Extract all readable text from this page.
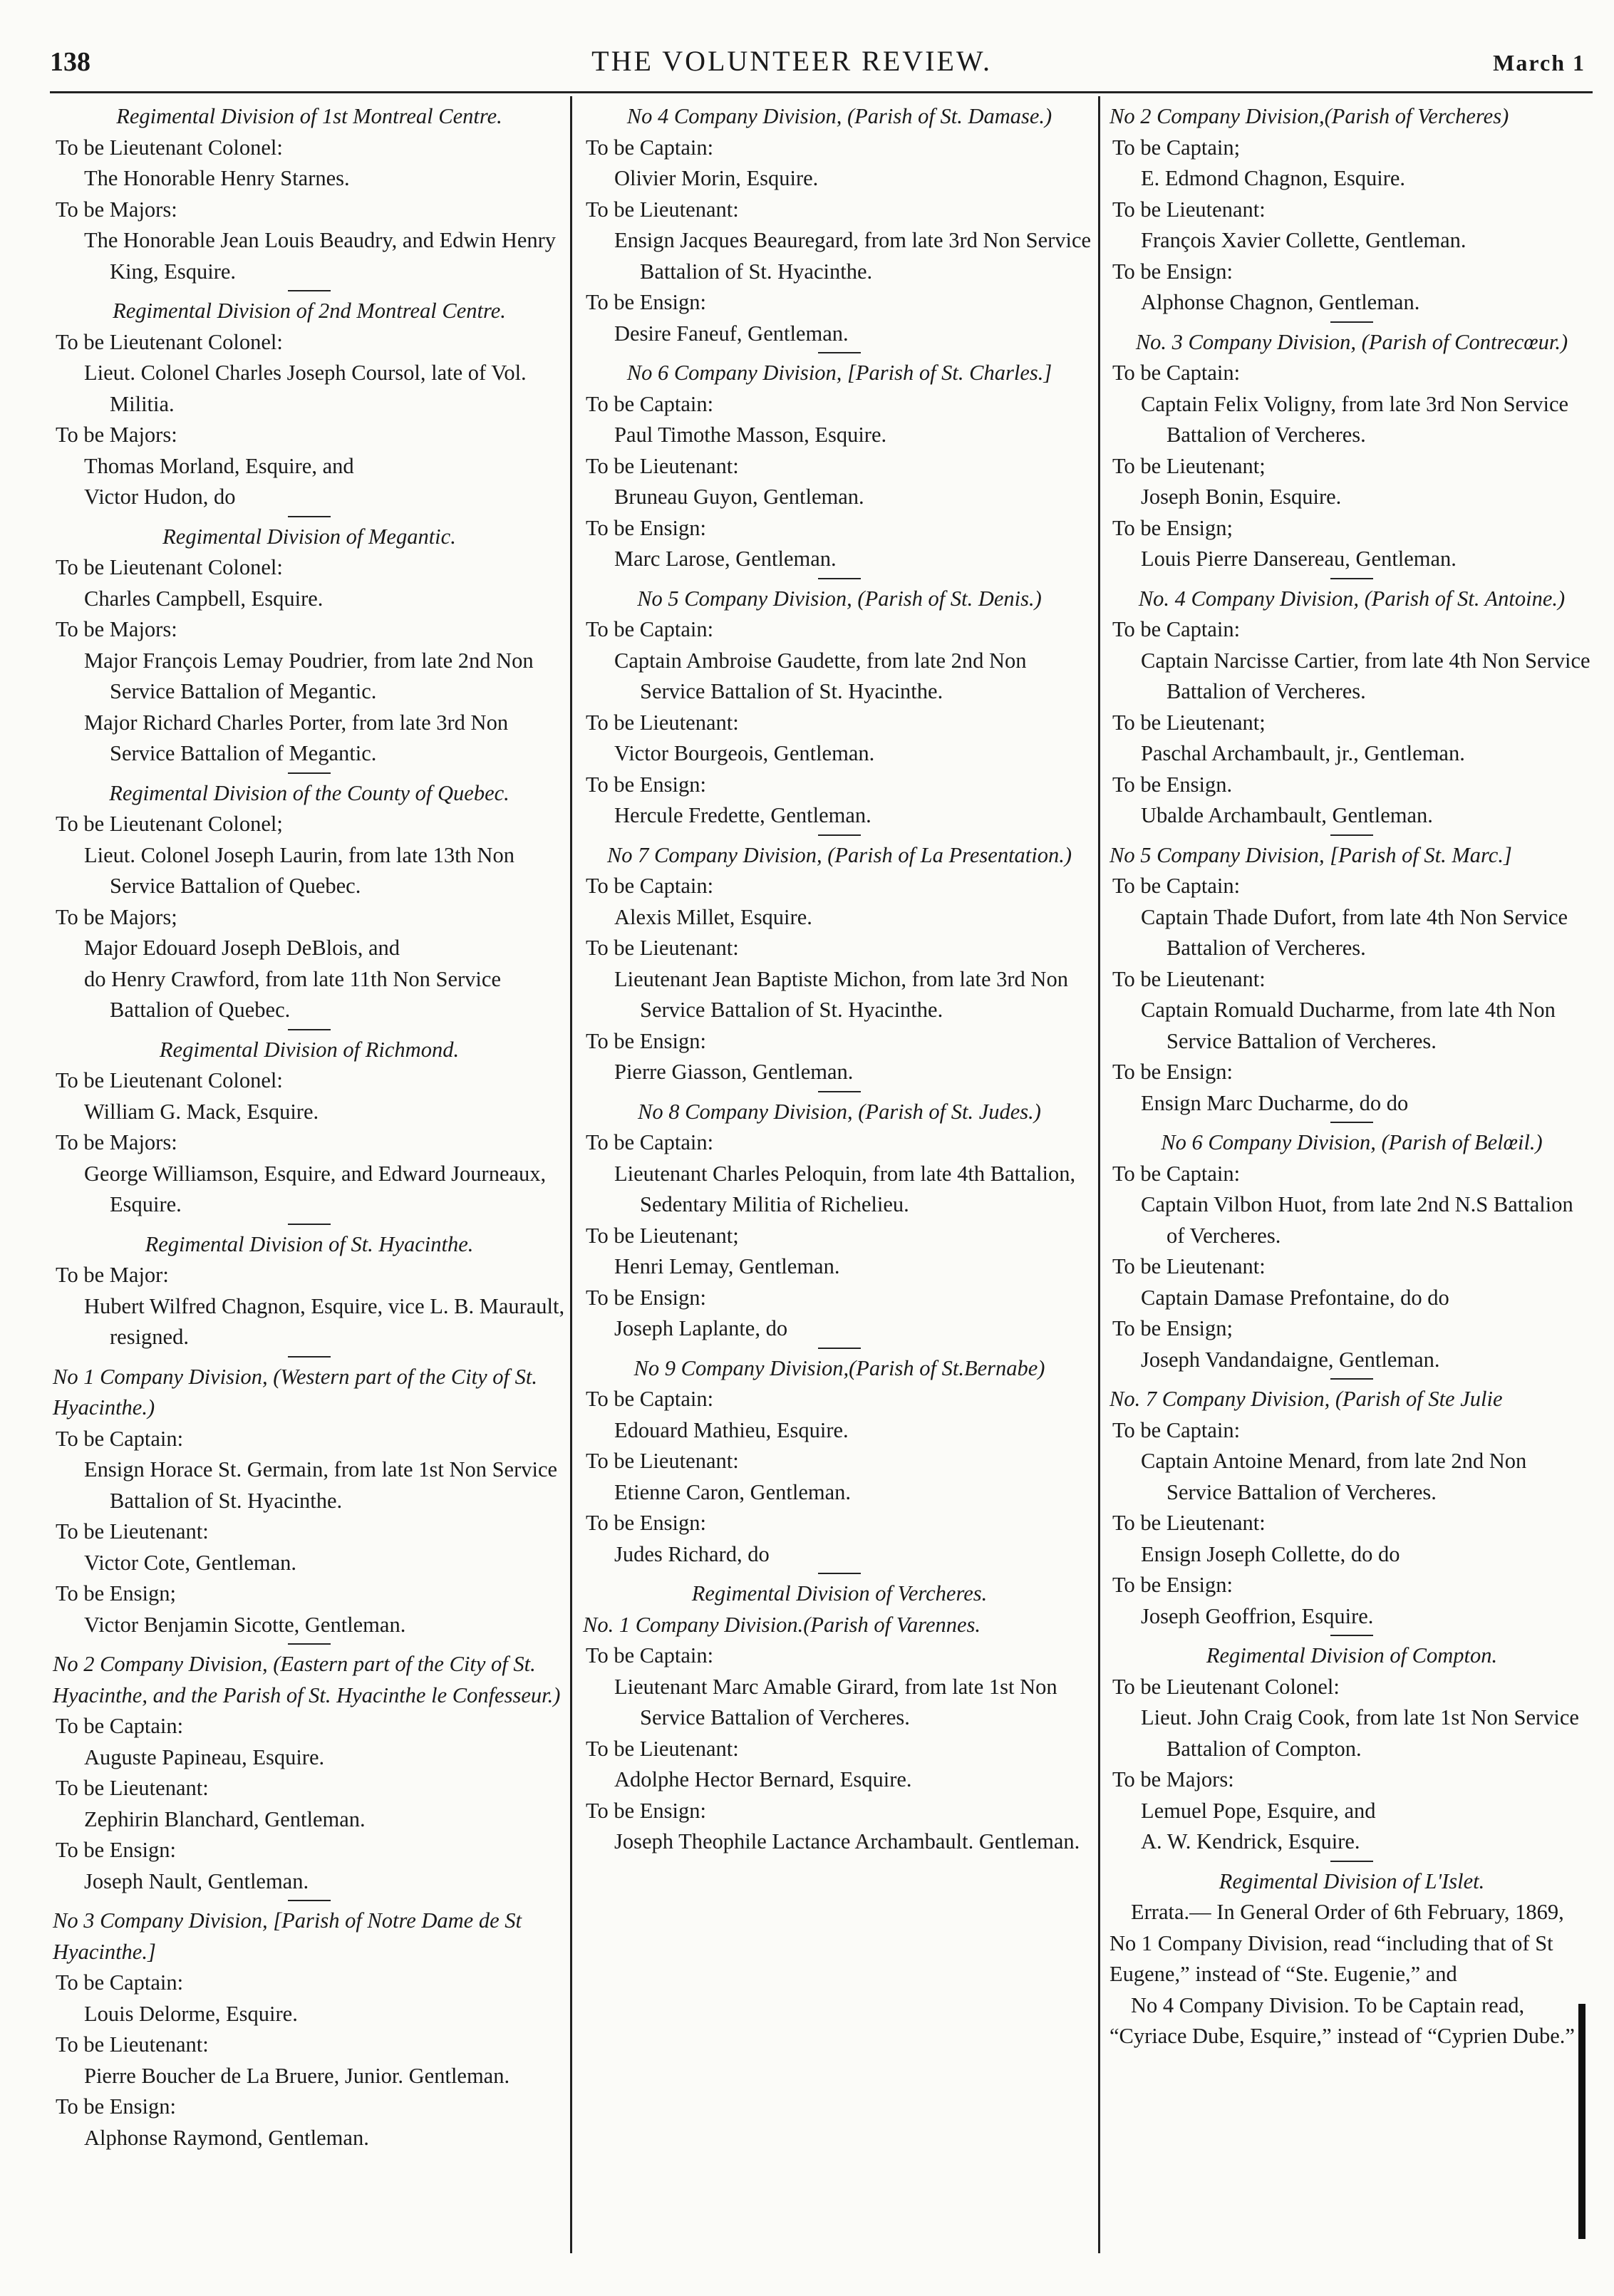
138	THE VOLUNTEER REVIEW.	March 1
Regimental Division of 1st Montreal Centre.
To be Lieutenant Colonel:
The Honorable Henry Starnes.
To be Majors:
The Honorable Jean Louis Beaudry, and Edwin Henry King, Esquire.
Regimental Division of 2nd Montreal Centre.
To be Lieutenant Colonel:
Lieut. Colonel Charles Joseph Coursol, late of Vol. Militia.
To be Majors:
Thomas Morland, Esquire, and
Victor Hudon, do
Regimental Division of Megantic.
To be Lieutenant Colonel:
Charles Campbell, Esquire.
To be Majors:
Major François Lemay Poudrier, from late 2nd Non Service Battalion of Megantic.
Major Richard Charles Porter, from late 3rd Non Service Battalion of Megantic.
Regimental Division of the County of Quebec.
To be Lieutenant Colonel;
Lieut. Colonel Joseph Laurin, from late 13th Non Service Battalion of Quebec.
To be Majors;
Major Edouard Joseph DeBlois, and
do Henry Crawford, from late 11th Non Service Battalion of Quebec.
Regimental Division of Richmond.
To be Lieutenant Colonel:
William G. Mack, Esquire.
To be Majors:
George Williamson, Esquire, and Edward Journeaux, Esquire.
Regimental Division of St. Hyacinthe.
To be Major:
Hubert Wilfred Chagnon, Esquire, vice L. B. Maurault, resigned.
No 1 Company Division, (Western part of the City of St. Hyacinthe.)
To be Captain:
Ensign Horace St. Germain, from late 1st Non Service Battalion of St. Hyacinthe.
To be Lieutenant:
Victor Cote, Gentleman.
To be Ensign;
Victor Benjamin Sicotte, Gentleman.
No 2 Company Division, (Eastern part of the City of St. Hyacinthe, and the Parish of St. Hyacinthe le Confesseur.)
To be Captain:
Auguste Papineau, Esquire.
To be Lieutenant:
Zephirin Blanchard, Gentleman.
To be Ensign:
Joseph Nault, Gentleman.
No 3 Company Division, [Parish of Notre Dame de St Hyacinthe.]
To be Captain:
Louis Delorme, Esquire.
To be Lieutenant:
Pierre Boucher de La Bruere, Junior. Gentleman.
To be Ensign:
Alphonse Raymond, Gentleman.
No 4 Company Division, (Parish of St. Damase.)
To be Captain:
Olivier Morin, Esquire.
To be Lieutenant:
Ensign Jacques Beauregard, from late 3rd Non Service Battalion of St. Hyacinthe.
To be Ensign:
Desire Faneuf, Gentleman.
No 6 Company Division, [Parish of St. Charles.]
To be Captain:
Paul Timothe Masson, Esquire.
To be Lieutenant:
Bruneau Guyon, Gentleman.
To be Ensign:
Marc Larose, Gentleman.
No 5 Company Division, (Parish of St. Denis.)
To be Captain:
Captain Ambroise Gaudette, from late 2nd Non Service Battalion of St. Hyacinthe.
To be Lieutenant:
Victor Bourgeois, Gentleman.
To be Ensign:
Hercule Fredette, Gentleman.
No 7 Company Division, (Parish of La Presentation.)
To be Captain:
Alexis Millet, Esquire.
To be Lieutenant:
Lieutenant Jean Baptiste Michon, from late 3rd Non Service Battalion of St. Hyacinthe.
To be Ensign:
Pierre Giasson, Gentleman.
No 8 Company Division, (Parish of St. Judes.)
To be Captain:
Lieutenant Charles Peloquin, from late 4th Battalion, Sedentary Militia of Richelieu.
To be Lieutenant;
Henri Lemay, Gentleman.
To be Ensign:
Joseph Laplante, do
No 9 Company Division,(Parish of St.Bernabe)
To be Captain:
Edouard Mathieu, Esquire.
To be Lieutenant:
Etienne Caron, Gentleman.
To be Ensign:
Judes Richard, do
Regimental Division of Vercheres.
No. 1 Company Division.(Parish of Varennes.
To be Captain:
Lieutenant Marc Amable Girard, from late 1st Non Service Battalion of Vercheres.
To be Lieutenant:
Adolphe Hector Bernard, Esquire.
To be Ensign:
Joseph Theophile Lactance Archambault. Gentleman.
No 2 Company Division,(Parish of Vercheres)
To be Captain;
E. Edmond Chagnon, Esquire.
To be Lieutenant:
François Xavier Collette, Gentleman.
To be Ensign:
Alphonse Chagnon, Gentleman.
No. 3 Company Division, (Parish of Contrecœur.)
To be Captain:
Captain Felix Voligny, from late 3rd Non Service Battalion of Vercheres.
To be Lieutenant;
Joseph Bonin, Esquire.
To be Ensign;
Louis Pierre Dansereau, Gentleman.
No. 4 Company Division, (Parish of St. Antoine.)
To be Captain:
Captain Narcisse Cartier, from late 4th Non Service Battalion of Vercheres.
To be Lieutenant;
Paschal Archambault, jr., Gentleman.
To be Ensign.
Ubalde Archambault, Gentleman.
No 5 Company Division, [Parish of St. Marc.]
To be Captain:
Captain Thade Dufort, from late 4th Non Service Battalion of Vercheres.
To be Lieutenant:
Captain Romuald Ducharme, from late 4th Non Service Battalion of Vercheres.
To be Ensign:
Ensign Marc Ducharme, do do
No 6 Company Division, (Parish of Belœil.)
To be Captain:
Captain Vilbon Huot, from late 2nd N.S Battalion of Vercheres.
To be Lieutenant:
Captain Damase Prefontaine, do do
To be Ensign;
Joseph Vandandaigne, Gentleman.
No. 7 Company Division, (Parish of Ste Julie
To be Captain:
Captain Antoine Menard, from late 2nd Non Service Battalion of Vercheres.
To be Lieutenant:
Ensign Joseph Collette, do do
To be Ensign:
Joseph Geoffrion, Esquire.
Regimental Division of Compton.
To be Lieutenant Colonel:
Lieut. John Craig Cook, from late 1st Non Service Battalion of Compton.
To be Majors:
Lemuel Pope, Esquire, and
A. W. Kendrick, Esquire.
Regimental Division of L'Islet.
Errata.— In General Order of 6th February, 1869, No 1 Company Division, read “including that of St Eugene,” instead of “Ste. Eugenie,” and
No 4 Company Division. To be Captain read, “Cyriace Dube, Esquire,” instead of “Cyprien Dube.”
